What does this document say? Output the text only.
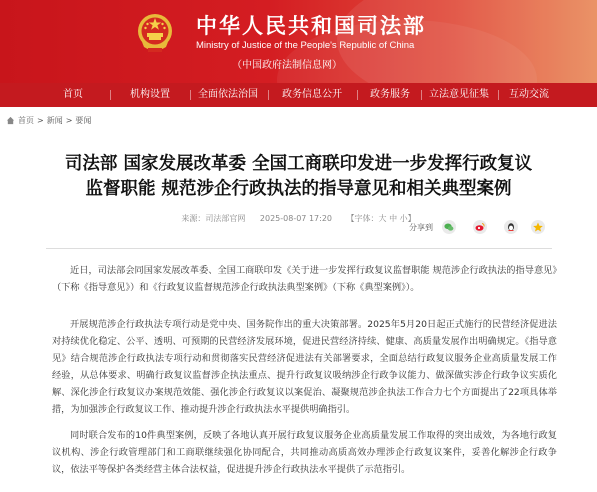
中华人民共和国司法部
Ministry of Justice of the People's Republic of China
（中国政府法制信息网）
首页	机构设置	全面依法治国	政务信息公开	政务服务	立法意见征集	互动交流
首页 > 新闻 > 要闻
司法部 国家发展改革委 全国工商联印发进一步发挥行政复议
监督职能 规范涉企行政执法的指导意见和相关典型案例
来源：司法部官网 2025-08-07 17:20 【字体：大 中 小】
分享到

近日，司法部会同国家发展改革委、全国工商联印发《关于进一步发挥行政复议监督职能 规范涉企行政执法的指导意见》（下称《指导意见》）和《行政复议监督规范涉企行政执法典型案例》（下称《典型案例》）。

开展规范涉企行政执法专项行动是党中央、国务院作出的重大决策部署。2025年5月20日起正式施行的民营经济促进法对持续优化稳定、公平、透明、可预期的民营经济发展环境，促进民营经济持续、健康、高质量发展作出明确规定。《指导意见》结合规范涉企行政执法专项行动和贯彻落实民营经济促进法有关部署要求，全面总结行政复议服务企业高质量发展工作经验，从总体要求、明确行政复议监督涉企执法重点、提升行政复议吸纳涉企行政争议能力、做深做实涉企行政争议实质化解、深化涉企行政复议办案规范效能、强化涉企行政复议以案促治、凝聚规范涉企执法工作合力七个方面提出了22项具体举措，为加强涉企行政复议工作、推动提升涉企行政执法水平提供明确指引。

同时联合发布的10件典型案例，反映了各地认真开展行政复议服务企业高质量发展工作取得的突出成效，为各地行政复议机构、涉企行政管理部门和工商联继续强化协同配合，共同推动高质高效办理涉企行政复议案件，妥善化解涉企行政争议，依法平等保护各类经营主体合法权益，促进提升涉企行政执法水平提供了示范指引。
